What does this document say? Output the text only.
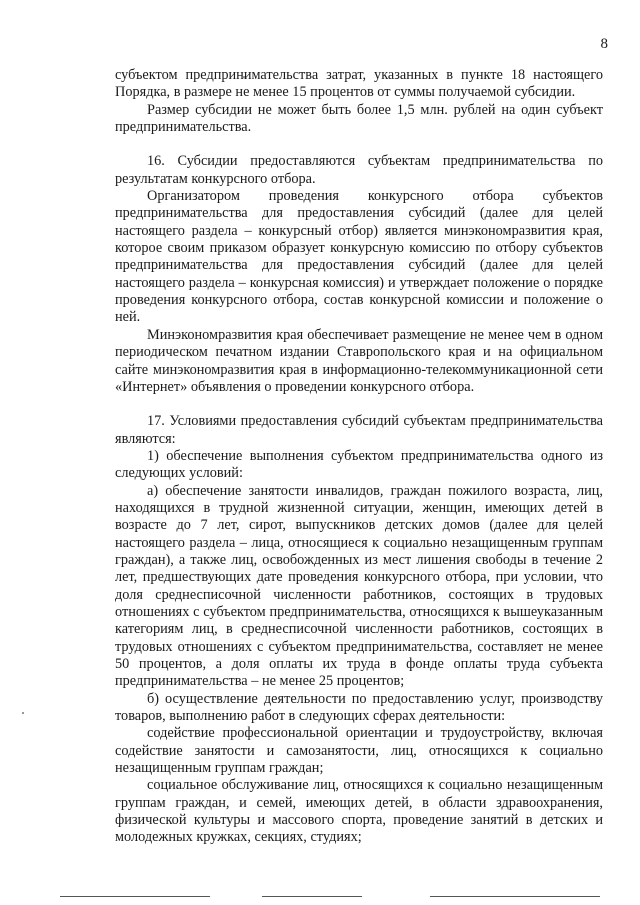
8

субъектом предпринимательства затрат, указанных в пункте 18 настоящего Порядка, в размере не менее 15 процентов от суммы получаемой субсидии.

Размер субсидии не может быть более 1,5 млн. рублей на один субъект предпринимательства.

16. Субсидии предоставляются субъектам предпринимательства по результатам конкурсного отбора.

Организатором проведения конкурсного отбора субъектов предпринимательства для предоставления субсидий (далее для целей настоящего раздела – конкурсный отбор) является минэкономразвития края, которое своим приказом образует конкурсную комиссию по отбору субъектов предпринимательства для предоставления субсидий (далее для целей настоящего раздела – конкурсная комиссия) и утверждает положение о порядке проведения конкурсного отбора, состав конкурсной комиссии и положение о ней.

Минэкономразвития края обеспечивает размещение не менее чем в одном периодическом печатном издании Ставропольского края и на официальном сайте минэкономразвития края в информационно-телекоммуникационной сети «Интернет» объявления о проведении конкурсного отбора.

17. Условиями предоставления субсидий субъектам предпринимательства являются:

1) обеспечение выполнения субъектом предпринимательства одного из следующих условий:

а) обеспечение занятости инвалидов, граждан пожилого возраста, лиц, находящихся в трудной жизненной ситуации, женщин, имеющих детей в возрасте до 7 лет, сирот, выпускников детских домов (далее для целей настоящего раздела – лица, относящиеся к социально незащищенным группам граждан), а также лиц, освобожденных из мест лишения свободы в течение 2 лет, предшествующих дате проведения конкурсного отбора, при условии, что доля среднесписочной численности работников, состоящих в трудовых отношениях с субъектом предпринимательства, относящихся к вышеуказанным категориям лиц, в среднесписочной численности работников, состоящих в трудовых отношениях с субъектом предпринимательства, составляет не менее 50 процентов, а доля оплаты их труда в фонде оплаты труда субъекта предпринимательства – не менее 25 процентов;

б) осуществление деятельности по предоставлению услуг, производству товаров, выполнению работ в следующих сферах деятельности:

содействие профессиональной ориентации и трудоустройству, включая содействие занятости и самозанятости, лиц, относящихся к социально незащищенным группам граждан;

социальное обслуживание лиц, относящихся к социально незащищенным группам граждан, и семей, имеющих детей, в области здравоохранения, физической культуры и массового спорта, проведение занятий в детских и молодежных кружках, секциях, студиях;
